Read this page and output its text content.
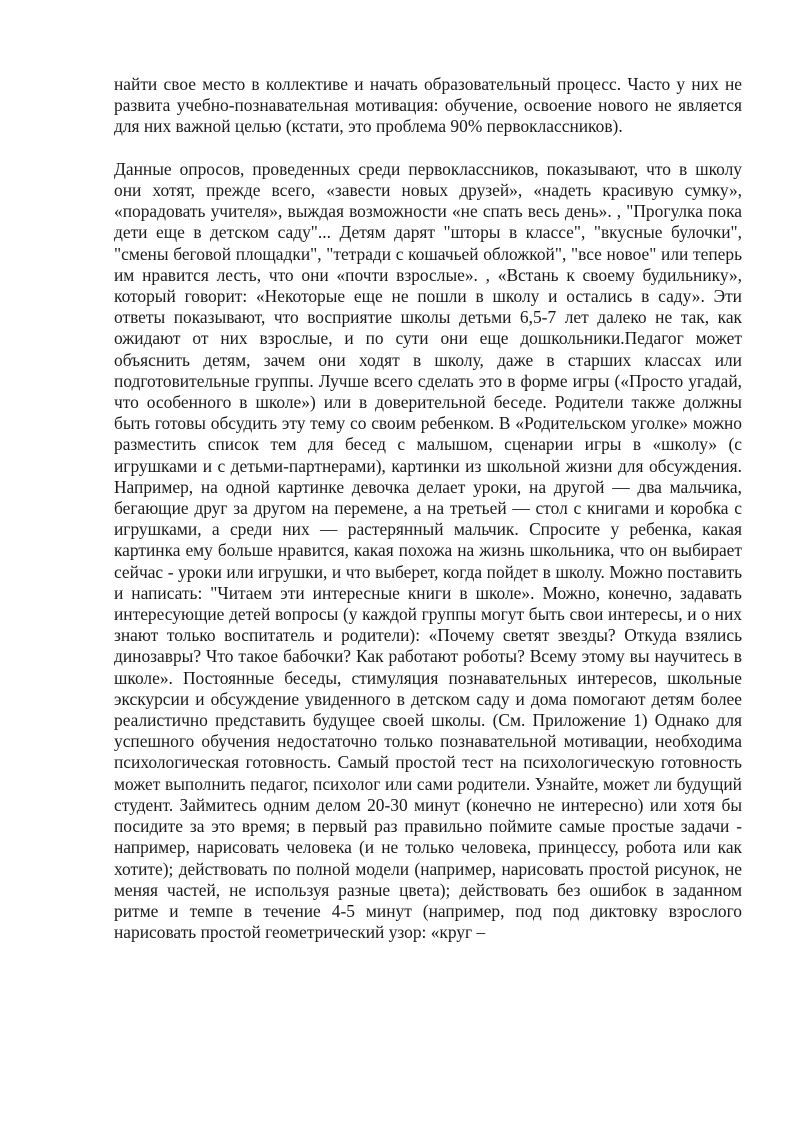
найти свое место в коллективе и начать образовательный процесс. Часто у них не развита учебно-познавательная мотивация: обучение, освоение нового не является для них важной целью (кстати, это проблема 90% первоклассников).

Данные опросов, проведенных среди первоклассников, показывают, что в школу они хотят, прежде всего, «завести новых друзей», «надеть красивую сумку», «порадовать учителя», выждая возможности «не спать весь день». , "Прогулка пока дети еще в детском саду"... Детям дарят "шторы в классе", "вкусные булочки", "смены беговой площадки", "тетради с кошачьей обложкой", "все новое" или теперь им нравится лесть, что они «почти взрослые». , «Встань к своему будильнику», который говорит: «Некоторые еще не пошли в школу и остались в саду». Эти ответы показывают, что восприятие школы детьми 6,5-7 лет далеко не так, как ожидают от них взрослые, и по сути они еще дошкольники.Педагог может объяснить детям, зачем они ходят в школу, даже в старших классах или подготовительные группы. Лучше всего сделать это в форме игры («Просто угадай, что особенного в школе») или в доверительной беседе. Родители также должны быть готовы обсудить эту тему со своим ребенком. В «Родительском уголке» можно разместить список тем для бесед с малышом, сценарии игры в «школу» (с игрушками и с детьми-партнерами), картинки из школьной жизни для обсуждения. Например, на одной картинке девочка делает уроки, на другой — два мальчика, бегающие друг за другом на перемене, а на третьей — стол с книгами и коробка с игрушками, а среди них — растерянный мальчик. Спросите у ребенка, какая картинка ему больше нравится, какая похожа на жизнь школьника, что он выбирает сейчас - уроки или игрушки, и что выберет, когда пойдет в школу. Можно поставить и написать: "Читаем эти интересные книги в школе». Можно, конечно, задавать интересующие детей вопросы (у каждой группы могут быть свои интересы, и о них знают только воспитатель и родители): «Почему светят звезды? Откуда взялись динозавры? Что такое бабочки? Как работают роботы? Всему этому вы научитесь в школе». Постоянные беседы, стимуляция познавательных интересов, школьные экскурсии и обсуждение увиденного в детском саду и дома помогают детям более реалистично представить будущее своей школы. (См. Приложение 1) Однако для успешного обучения недостаточно только познавательной мотивации, необходима психологическая готовность. Самый простой тест на психологическую готовность может выполнить педагог, психолог или сами родители. Узнайте, может ли будущий студент. Займитесь одним делом 20-30 минут (конечно не интересно) или хотя бы посидите за это время; в первый раз правильно поймите самые простые задачи - например, нарисовать человека (и не только человека, принцессу, робота или как хотите); действовать по полной модели (например, нарисовать простой рисунок, не меняя частей, не используя разные цвета); действовать без ошибок в заданном ритме и темпе в течение 4-5 минут (например, под под диктовку взрослого нарисовать простой геометрический узор: «круг –
